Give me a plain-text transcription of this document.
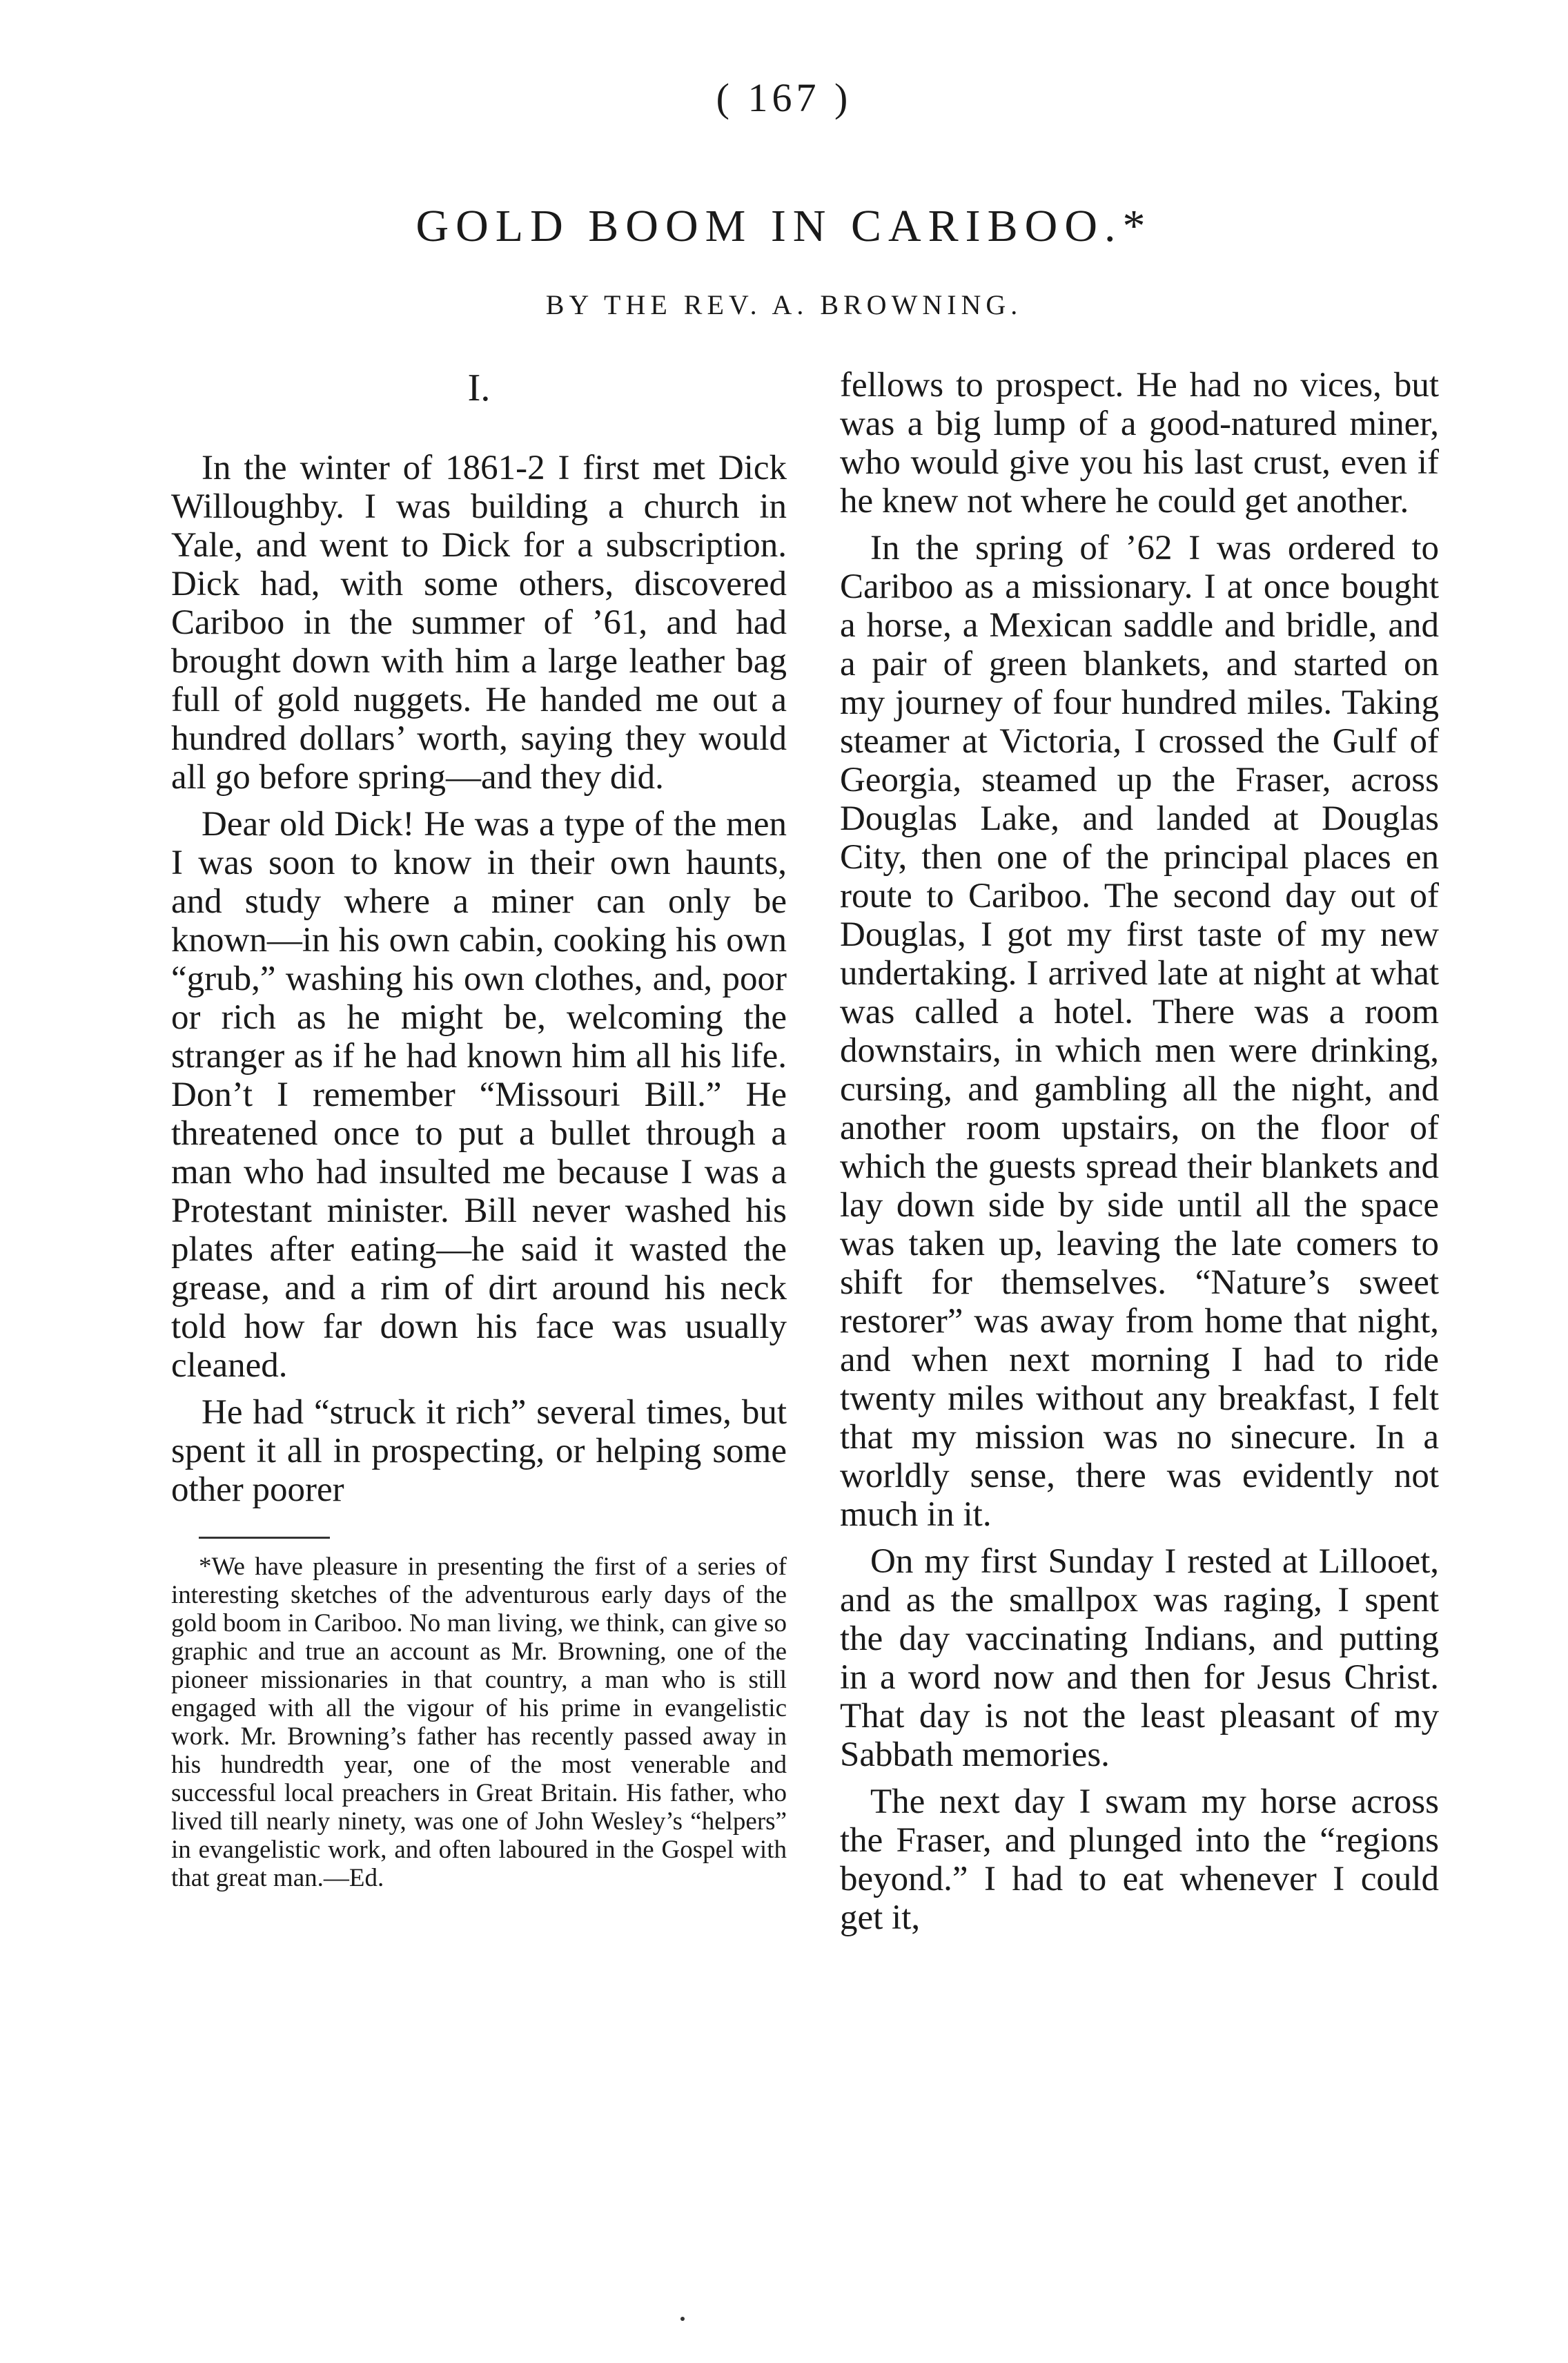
( 167 )
GOLD BOOM IN CARIBOO.*
BY THE REV. A. BROWNING.
I.

In the winter of 1861-2 I first met Dick Willoughby. I was building a church in Yale, and went to Dick for a subscription. Dick had, with some others, discovered Cariboo in the summer of ’61, and had brought down with him a large leather bag full of gold nuggets. He handed me out a hundred dollars’ worth, saying they would all go before spring—and they did.

Dear old Dick! He was a type of the men I was soon to know in their own haunts, and study where a miner can only be known—in his own cabin, cooking his own “grub,” washing his own clothes, and, poor or rich as he might be, welcoming the stranger as if he had known him all his life. Don’t I remember “Missouri Bill.” He threatened once to put a bullet through a man who had insulted me because I was a Protestant minister. Bill never washed his plates after eating—he said it wasted the grease, and a rim of dirt around his neck told how far down his face was usually cleaned.

He had “struck it rich” several times, but spent it all in prospecting, or helping some other poorer

*We have pleasure in presenting the first of a series of interesting sketches of the adventurous early days of the gold boom in Cariboo. No man living, we think, can give so graphic and true an account as Mr. Browning, one of the pioneer missionaries in that country, a man who is still engaged with all the vigour of his prime in evangelistic work. Mr. Browning’s father has recently passed away in his hundredth year, one of the most venerable and successful local preachers in Great Britain. His father, who lived till nearly ninety, was one of John Wesley’s “helpers” in evangelistic work, and often laboured in the Gospel with that great man.—Ed.

fellows to prospect. He had no vices, but was a big lump of a good-natured miner, who would give you his last crust, even if he knew not where he could get another.

In the spring of ’62 I was ordered to Cariboo as a missionary. I at once bought a horse, a Mexican saddle and bridle, and a pair of green blankets, and started on my journey of four hundred miles. Taking steamer at Victoria, I crossed the Gulf of Georgia, steamed up the Fraser, across Douglas Lake, and landed at Douglas City, then one of the principal places en route to Cariboo. The second day out of Douglas, I got my first taste of my new undertaking. I arrived late at night at what was called a hotel. There was a room downstairs, in which men were drinking, cursing, and gambling all the night, and another room upstairs, on the floor of which the guests spread their blankets and lay down side by side until all the space was taken up, leaving the late comers to shift for themselves. “Nature’s sweet restorer” was away from home that night, and when next morning I had to ride twenty miles without any breakfast, I felt that my mission was no sinecure. In a worldly sense, there was evidently not much in it.

On my first Sunday I rested at Lillooet, and as the smallpox was raging, I spent the day vaccinating Indians, and putting in a word now and then for Jesus Christ. That day is not the least pleasant of my Sabbath memories.

The next day I swam my horse across the Fraser, and plunged into the “regions beyond.” I had to eat whenever I could get it,
